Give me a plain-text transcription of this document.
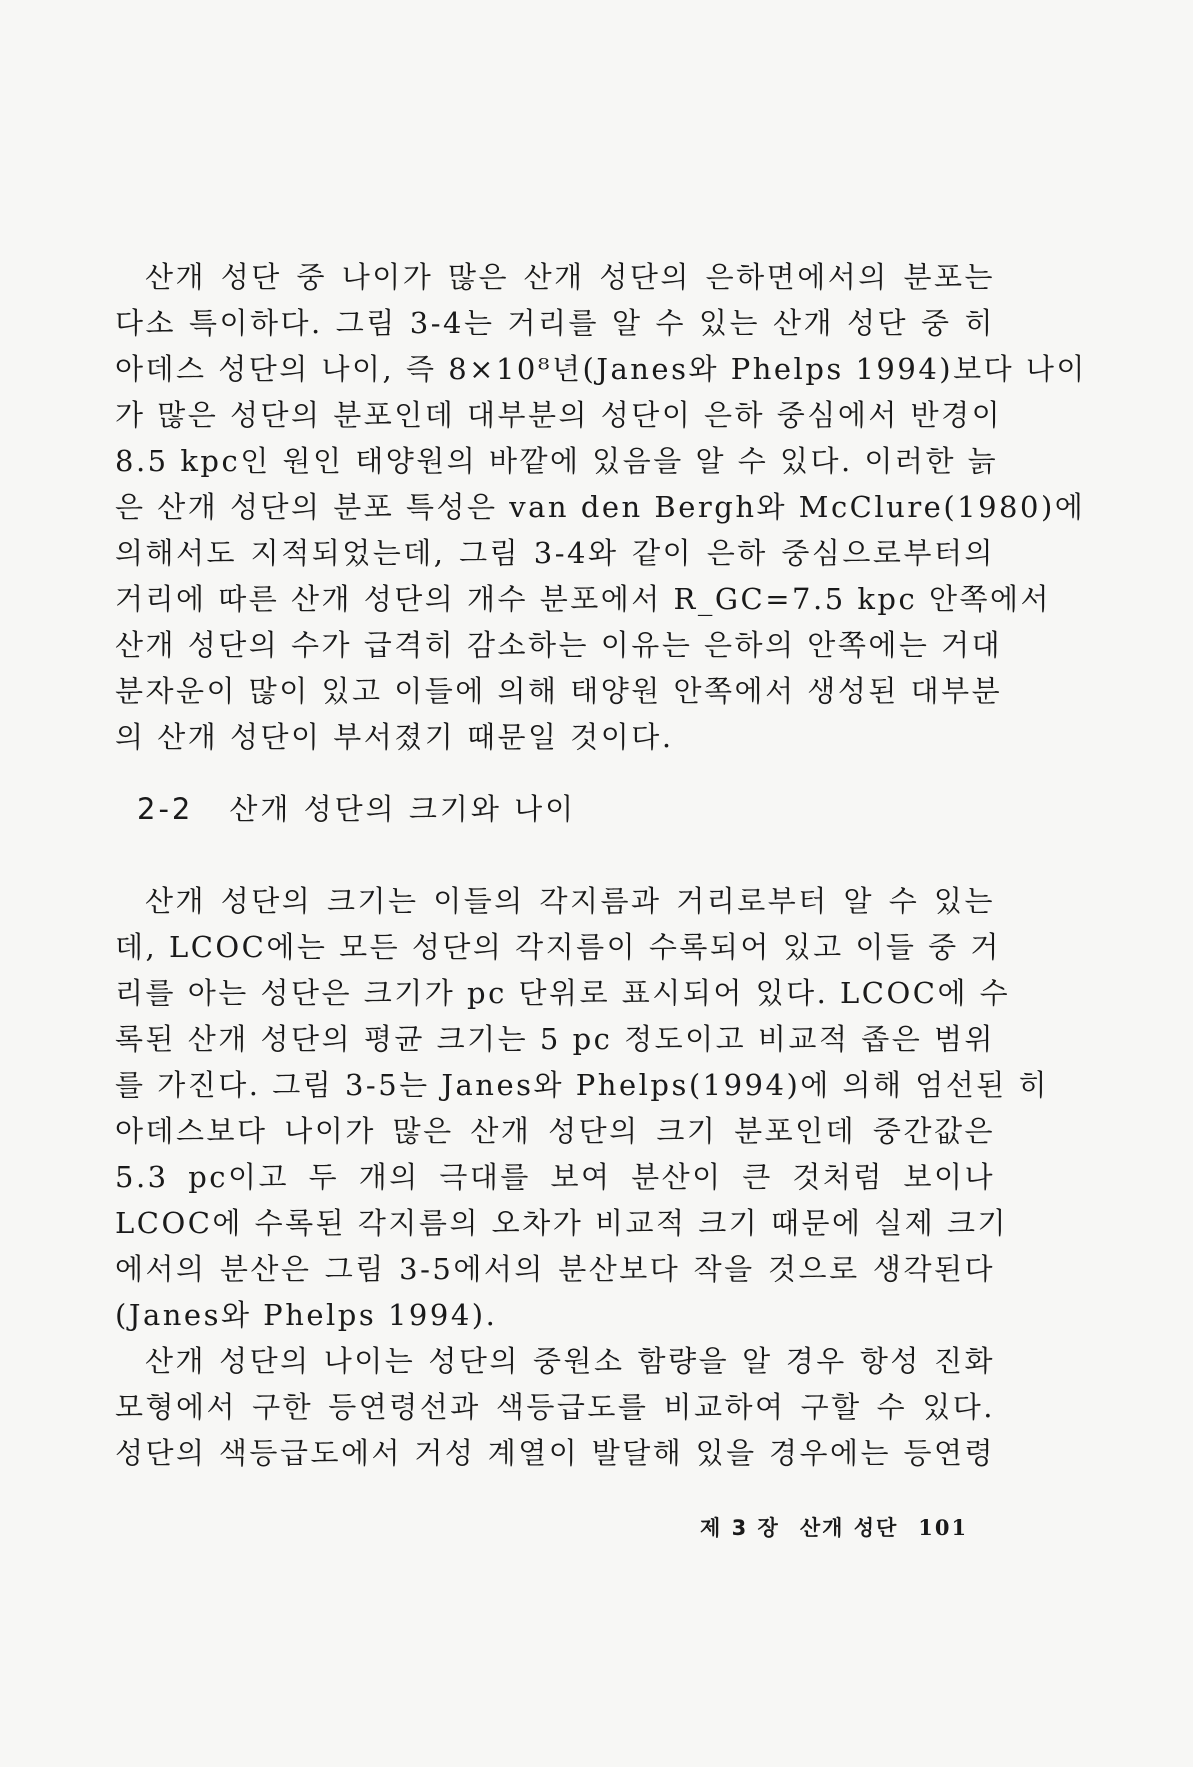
산개 성단 중 나이가 많은 산개 성단의 은하면에서의 분포는
다소 특이하다. 그림 3-4는 거리를 알 수 있는 산개 성단 중 히
아데스 성단의 나이, 즉 8×10⁸년(Janes와 Phelps 1994)보다 나이
가 많은 성단의 분포인데 대부분의 성단이 은하 중심에서 반경이
8.5 kpc인 원인 태양원의 바깥에 있음을 알 수 있다. 이러한 늙
은 산개 성단의 분포 특성은 van den Bergh와 McClure(1980)에
의해서도 지적되었는데, 그림 3-4와 같이 은하 중심으로부터의
거리에 따른 산개 성단의 개수 분포에서 R_GC=7.5 kpc 안쪽에서
산개 성단의 수가 급격히 감소하는 이유는 은하의 안쪽에는 거대
분자운이 많이 있고 이들에 의해 태양원 안쪽에서 생성된 대부분
의 산개 성단이 부서졌기 때문일 것이다.
2-2 산개 성단의 크기와 나이
산개 성단의 크기는 이들의 각지름과 거리로부터 알 수 있는
데, LCOC에는 모든 성단의 각지름이 수록되어 있고 이들 중 거
리를 아는 성단은 크기가 pc 단위로 표시되어 있다. LCOC에 수
록된 산개 성단의 평균 크기는 5 pc 정도이고 비교적 좁은 범위
를 가진다. 그림 3-5는 Janes와 Phelps(1994)에 의해 엄선된 히
아데스보다 나이가 많은 산개 성단의 크기 분포인데 중간값은
5.3 pc이고 두 개의 극대를 보여 분산이 큰 것처럼 보이나
LCOC에 수록된 각지름의 오차가 비교적 크기 때문에 실제 크기
에서의 분산은 그림 3-5에서의 분산보다 작을 것으로 생각된다
(Janes와 Phelps 1994).
산개 성단의 나이는 성단의 중원소 함량을 알 경우 항성 진화
모형에서 구한 등연령선과 색등급도를 비교하여 구할 수 있다.
성단의 색등급도에서 거성 계열이 발달해 있을 경우에는 등연령
제 3 장 산개 성단 101
